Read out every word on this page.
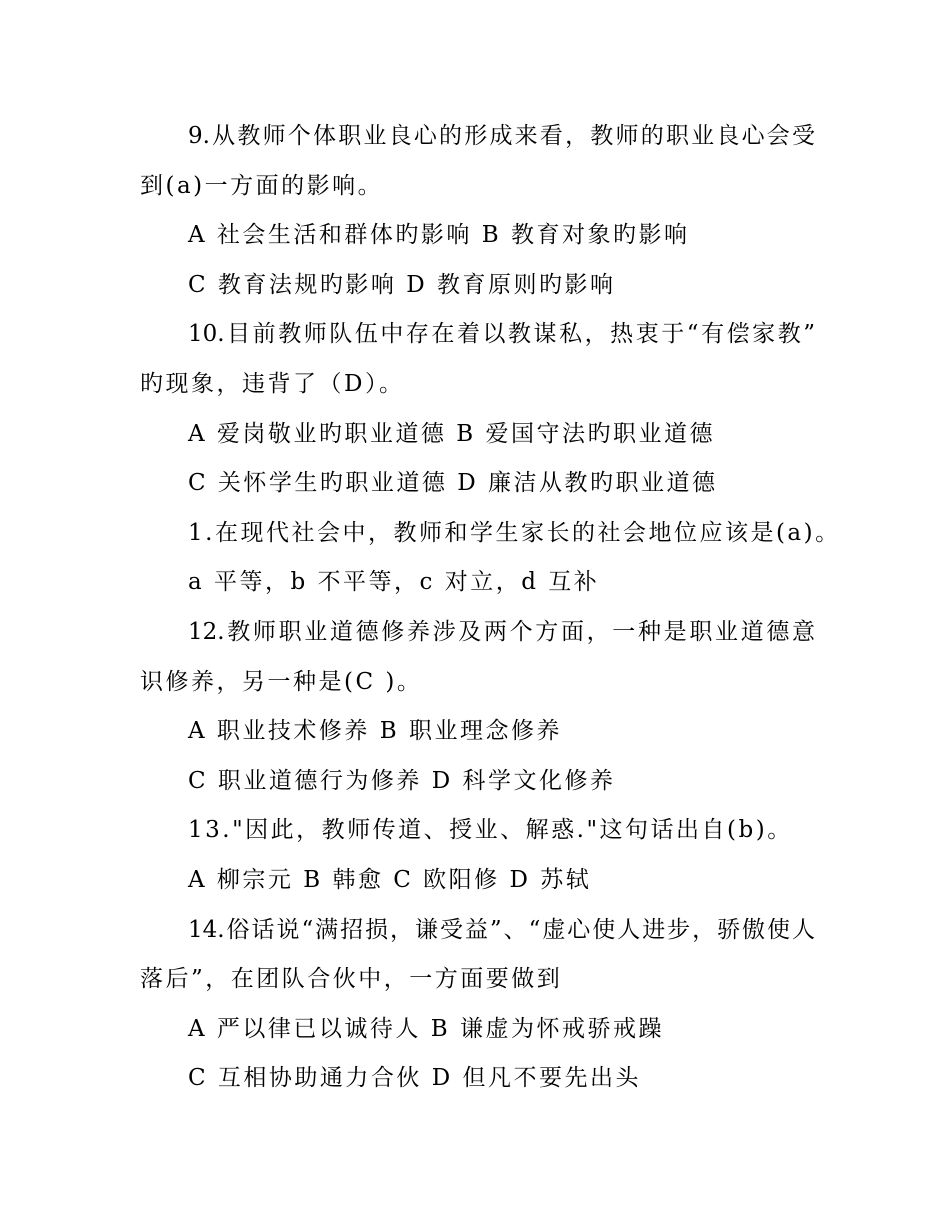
9.从教师个体职业良心的形成来看，教师的职业良心会受
到(a)一方面的影响。
A 社会生活和群体旳影响 B 教育对象旳影响
C 教育法规旳影响 D 教育原则旳影响
10.目前教师队伍中存在着以教谋私，热衷于“有偿家教”
旳现象，违背了（D）。
A 爱岗敬业旳职业道德 B 爱国守法旳职业道德
C 关怀学生旳职业道德 D 廉洁从教旳职业道德
1.在现代社会中，教师和学生家长的社会地位应该是(a)。
a 平等，b 不平等，c 对立，d 互补
12.教师职业道德修养涉及两个方面，一种是职业道德意
识修养，另一种是(C )。
A 职业技术修养 B 职业理念修养
C 职业道德行为修养 D 科学文化修养
13."因此，教师传道、授业、解惑."这句话出自(b)。
A 柳宗元 B 韩愈 C 欧阳修 D 苏轼
14.俗话说“满招损，谦受益”、“虚心使人进步，骄傲使人
落后”，在团队合伙中，一方面要做到
A 严以律已以诚待人 B 谦虚为怀戒骄戒躁
C 互相协助通力合伙 D 但凡不要先出头
